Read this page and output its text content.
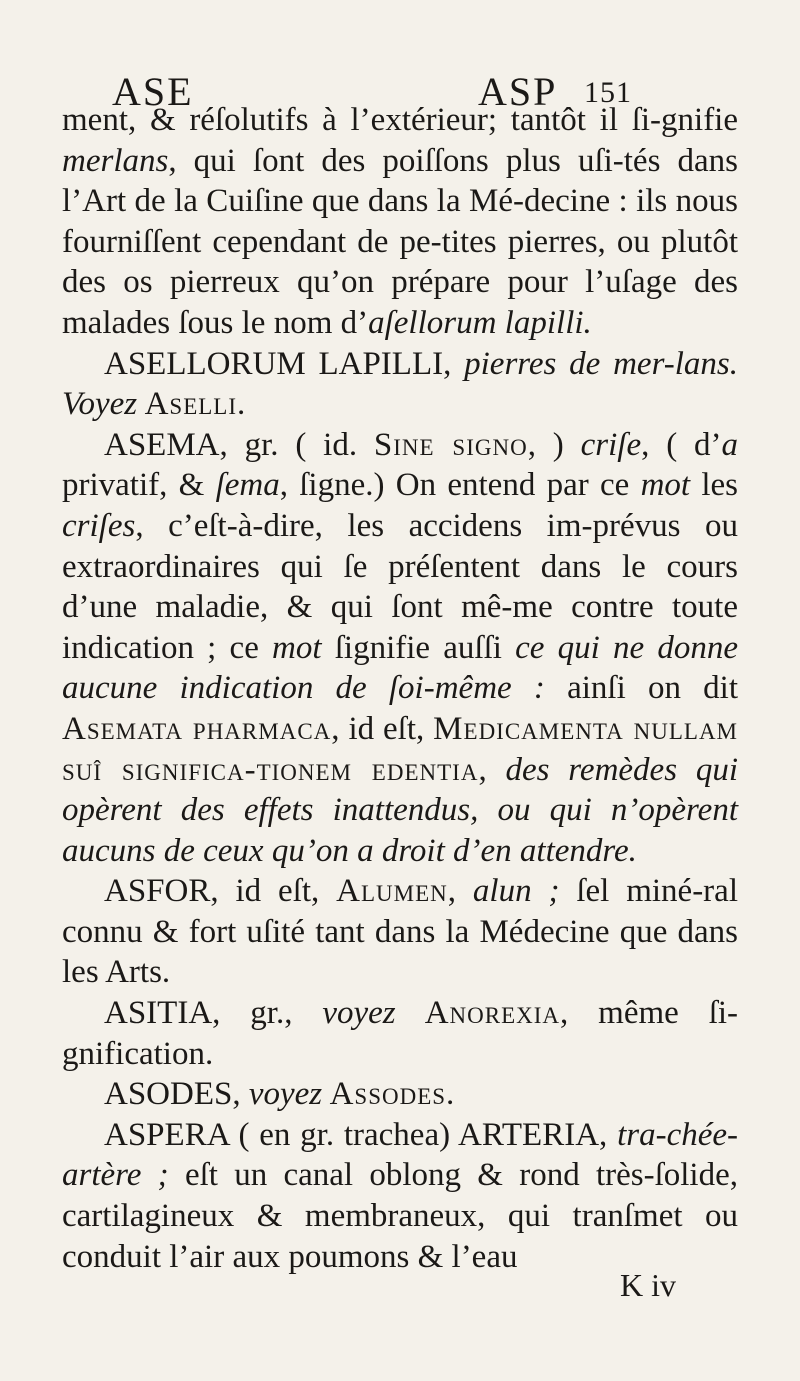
ASE	ASP 151

ment, & réſolutifs à l’extérieur; tantôt il ſi-gnifie merlans, qui ſont des poiſſons plus uſi-tés dans l’Art de la Cuiſine que dans la Mé-decine : ils nous fourniſſent cependant de pe-tites pierres, ou plutôt des os pierreux qu’on prépare pour l’uſage des malades ſous le nom d’aſellorum lapilli.

ASELLORUM LAPILLI, pierres de mer-lans. Voyez Aselli.

ASEMA, gr. ( id. Sine signo, ) criſe, ( d’a privatif, & ſema, ſigne.) On entend par ce mot les criſes, c’eſt-à-dire, les accidens im-prévus ou extraordinaires qui ſe préſentent dans le cours d’une maladie, & qui ſont mê-me contre toute indication ; ce mot ſignifie auſſi ce qui ne donne aucune indication de ſoi-même : ainſi on dit Asemata pharmaca, id eſt, Medicamenta nullam suî significa-tionem edentia, des remèdes qui opèrent des effets inattendus, ou qui n’opèrent aucuns de ceux qu’on a droit d’en attendre.

ASFOR, id eſt, Alumen, alun ; ſel miné-ral connu & fort uſité tant dans la Médecine que dans les Arts.

ASITIA, gr., voyez Anorexia, même ſi-gnification.

ASODES, voyez Assodes.

ASPERA ( en gr. trachea) ARTERIA, tra-chée-artère ; eſt un canal oblong & rond très-ſolide, cartilagineux & membraneux, qui tranſmet ou conduit l’air aux poumons & l’eau

K iv
